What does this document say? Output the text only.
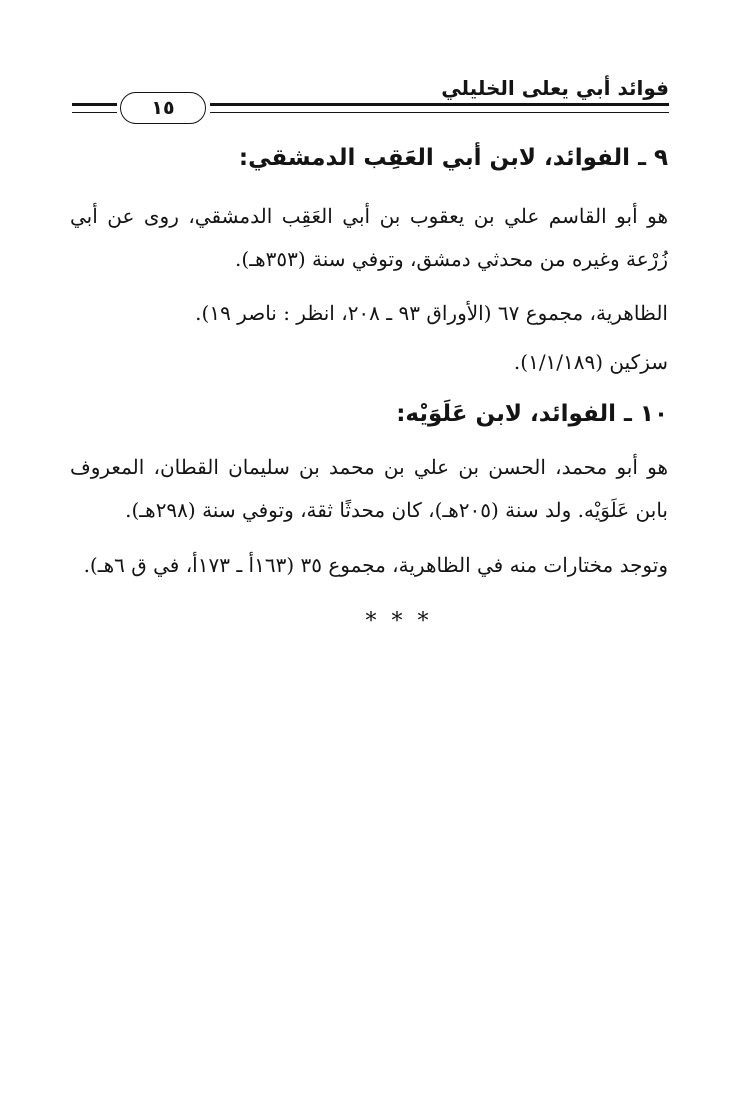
فوائد أبي يعلى الخليلي
١٥

٩ ـ الفوائد، لابن أبي العَقِب الدمشقي:

هو أبو القاسم علي بن يعقوب بن أبي العَقِب الدمشقي، روى عن أبي زُرْعة وغيره من محدثي دمشق، وتوفي سنة (٣٥٣هـ).

الظاهرية، مجموع ٦٧ (الأوراق ٩٣ ـ ٢٠٨، انظر : ناصر ١٩).

سزكين (١/١/١٨٩).

١٠ ـ الفوائد، لابن عَلَوَيْه:

هو أبو محمد، الحسن بن علي بن محمد بن سليمان القطان، المعروف بابن عَلَوَيْه. ولد سنة (٢٠٥هـ)، كان محدثًا ثقة، وتوفي سنة (٢٩٨هـ).

وتوجد مختارات منه في الظاهرية، مجموع ٣٥ (١٦٣أ ـ ١٧٣أ، في ق ٦هـ).

* * *
